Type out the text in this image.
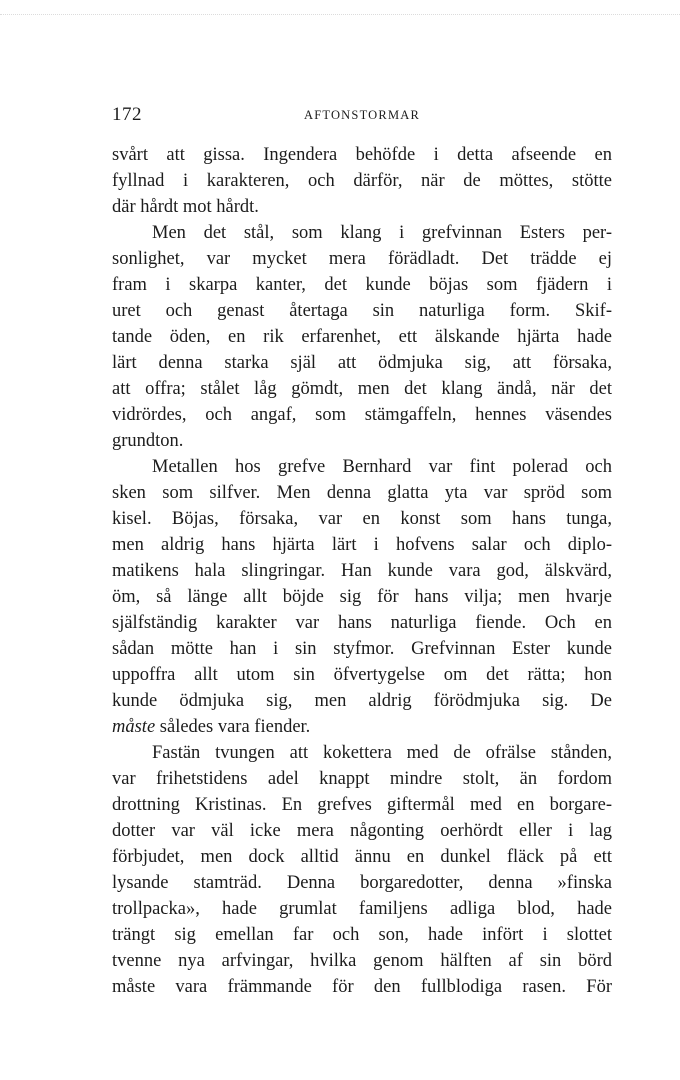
172	AFTONSTORMAR
svårt att gissa. Ingendera behöfde i detta afseende en
fyllnad i karakteren, och därför, när de möttes, stötte
där hårdt mot hårdt.
Men det stål, som klang i grefvinnan Esters per-
sonlighet, var mycket mera förädladt. Det trädde ej
fram i skarpa kanter, det kunde böjas som fjädern i
uret och genast återtaga sin naturliga form. Skif-
tande öden, en rik erfarenhet, ett älskande hjärta hade
lärt denna starka själ att ödmjuka sig, att försaka,
att offra; stålet låg gömdt, men det klang ändå, när det
vidrördes, och angaf, som stämgaffeln, hennes väsendes
grundton.
Metallen hos grefve Bernhard var fint polerad och
sken som silfver. Men denna glatta yta var spröd som
kisel. Böjas, försaka, var en konst som hans tunga,
men aldrig hans hjärta lärt i hofvens salar och diplo-
matikens hala slingringar. Han kunde vara god, älskvärd,
öm, så länge allt böjde sig för hans vilja; men hvarje
själfständig karakter var hans naturliga fiende. Och en
sådan mötte han i sin styfmor. Grefvinnan Ester kunde
uppoffra allt utom sin öfvertygelse om det rätta; hon
kunde ödmjuka sig, men aldrig förödmjuka sig. De
måste således vara fiender.
Fastän tvungen att kokettera med de ofrälse stånden,
var frihetstidens adel knappt mindre stolt, än fordom
drottning Kristinas. En grefves giftermål med en borgare-
dotter var väl icke mera någonting oerhördt eller i lag
förbjudet, men dock alltid ännu en dunkel fläck på ett
lysande stamträd. Denna borgaredotter, denna »finska
trollpacka», hade grumlat familjens adliga blod, hade
trängt sig emellan far och son, hade infört i slottet
tvenne nya arfvingar, hvilka genom hälften af sin börd
måste vara främmande för den fullblodiga rasen. För
